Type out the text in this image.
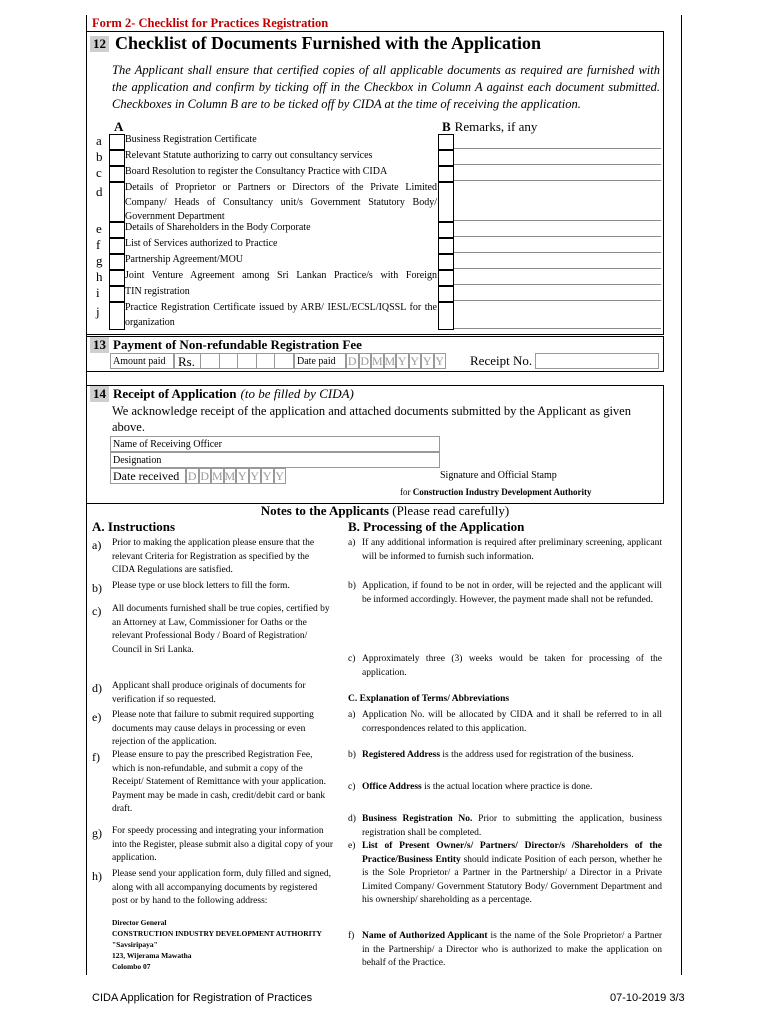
Form 2- Checklist for Practices Registration
12 Checklist of Documents Furnished with the Application
The Applicant shall ensure that certified copies of all applicable documents as required are furnished with the application and confirm by ticking off in the Checkbox in Column A against each document submitted. Checkboxes in Column B are to be ticked off by CIDA at the time of receiving the application.
A	B Remarks, if any
a Business Registration Certificate
b Relevant Statute authorizing to carry out consultancy services
c Board Resolution to register the Consultancy Practice with CIDA
d Details of Proprietor or Partners or Directors of the Private Limited Company/ Heads of Consultancy unit/s Government Statutory Body/ Government Department
e Details of Shareholders in the Body Corporate
f List of Services authorized to Practice
g Partnership Agreement/MOU
h Joint Venture Agreement among Sri Lankan Practice/s with Foreign
i	TIN registration
j	Practice Registration Certificate issued by ARB/ IESL/ECSL/IQSSL for the organization
13 Payment of Non-refundable Registration Fee
Amount paid Rs.	Date paid	D D M M Y Y Y Y Receipt No.
14 Receipt of Application (to be filled by CIDA)
We acknowledge receipt of the application and attached documents submitted by the Applicant as given above.
Name of Receiving Officer
Designation
Date received D D M M Y Y Y Y	Signature and Official Stamp
for Construction Industry Development Authority
Notes to the Applicants (Please read carefully)
A. Instructions	B. Processing of the Application
a) Prior to making the application please ensure that the relevant Criteria for Registration as specified by the CIDA Regulations are satisfied.
b) Please type or use block letters to fill the form.
c) All documents furnished shall be true copies, certified by an Attorney at Law, Commissioner for Oaths or the relevant Professional Body / Board of Registration/ Council in Sri Lanka.
d) Applicant shall produce originals of documents for verification if so requested.
e) Please note that failure to submit required supporting documents may cause delays in processing or even rejection of the application.
f) Please ensure to pay the prescribed Registration Fee, which is non-refundable, and submit a copy of the Receipt/ Statement of Remittance with your application. Payment may be made in cash, credit/debit card or bank draft.
g) For speedy processing and integrating your information into the Register, please submit also a digital copy of your application.
h) Please send your application form, duly filled and signed, along with all accompanying documents by registered post or by hand to the following address:
Director General
CONSTRUCTION INDUSTRY DEVELOPMENT AUTHORITY
"Savsiripaya"
123, Wijerama Mawatha
Colombo 07
a) If any additional information is required after preliminary screening, applicant will be informed to furnish such information.
b) Application, if found to be not in order, will be rejected and the applicant will be informed accordingly. However, the payment made shall not be refunded.
c) Approximately three (3) weeks would be taken for processing of the application.
C. Explanation of Terms/ Abbreviations
a) Application No. will be allocated by CIDA and it shall be referred to in all correspondences related to this application.
b) Registered Address is the address used for registration of the business.
c) Office Address is the actual location where practice is done.
d) Business Registration No. Prior to submitting the application, business registration shall be completed.
e) List of Present Owner/s/ Partners/ Director/s /Shareholders of the Practice/Business Entity should indicate Position of each person, whether he is the Sole Proprietor/ a Partner in the Partnership/ a Director in a Private Limited Company/ Government Statutory Body/ Government Department and his ownership/ shareholding as a percentage.
f) Name of Authorized Applicant is the name of the Sole Proprietor/ a Partner in the Partnership/ a Director who is authorized to make the application on behalf of the Practice.
CIDA Application for Registration of Practices	07-10-2019 3/3
